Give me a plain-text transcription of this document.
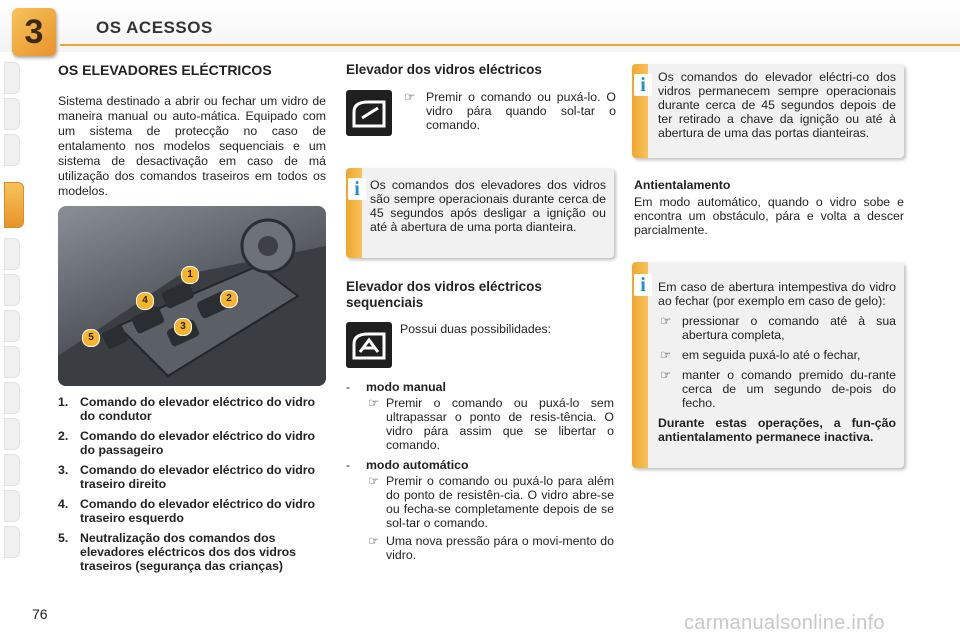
3	OS ACESSOS
OS ELEVADORES ELÉCTRICOS

Sistema destinado a abrir ou fechar um vidro de maneira manual ou auto-mática. Equipado com um sistema de protecção no caso de entalamento nos modelos sequenciais e um sistema de desactivação em caso de má utilização dos comandos traseiros em todos os modelos.

1
2
3
4
5
1. Comando do elevador eléctrico do vidro do condutor
2. Comando do elevador eléctrico do vidro do passageiro
3. Comando do elevador eléctrico do vidro traseiro direito
4. Comando do elevador eléctrico do vidro traseiro esquerdo
5. Neutralização dos comandos dos elevadores eléctricos dos dos vidros traseiros (segurança das crianças)
Elevador dos vidros eléctricos
☞ Premir o comando ou puxá-lo. O vidro pára quando sol-tar o comando.
i Os comandos dos elevadores dos vidros são sempre operacionais durante cerca de 45 segundos após desligar a ignição ou até à abertura de uma porta dianteira.

Elevador dos vidros eléctricos sequenciais
Possui duas possibilidades:
- modo manual
☞ Premir o comando ou puxá-lo sem ultrapassar o ponto de resis-tência. O vidro pára assim que se libertar o comando.
- modo automático
☞ Premir o comando ou puxá-lo para além do ponto de resistên-cia. O vidro abre-se ou fecha-se completamente depois de se sol-tar o comando.
☞ Uma nova pressão pára o movi-mento do vidro.
i Os comandos do elevador eléctri-co dos vidros permanecem sempre operacionais durante cerca de 45 segundos depois de ter retirado a chave da ignição ou até à abertura de uma das portas dianteiras.

Antientalamento

Em modo automático, quando o vidro sobe e encontra um obstáculo, pára e volta a descer parcialmente.

i Em caso de abertura intempestiva do vidro ao fechar (por exemplo em caso de gelo):

☞ pressionar o comando até à sua abertura completa,
☞ em seguida puxá-lo até o fechar,
☞ manter o comando premido du-rante cerca de um segundo de-pois do fecho.

Durante estas operações, a fun-ção antientalamento permanece inactiva.

76	carmanualsonline.info
